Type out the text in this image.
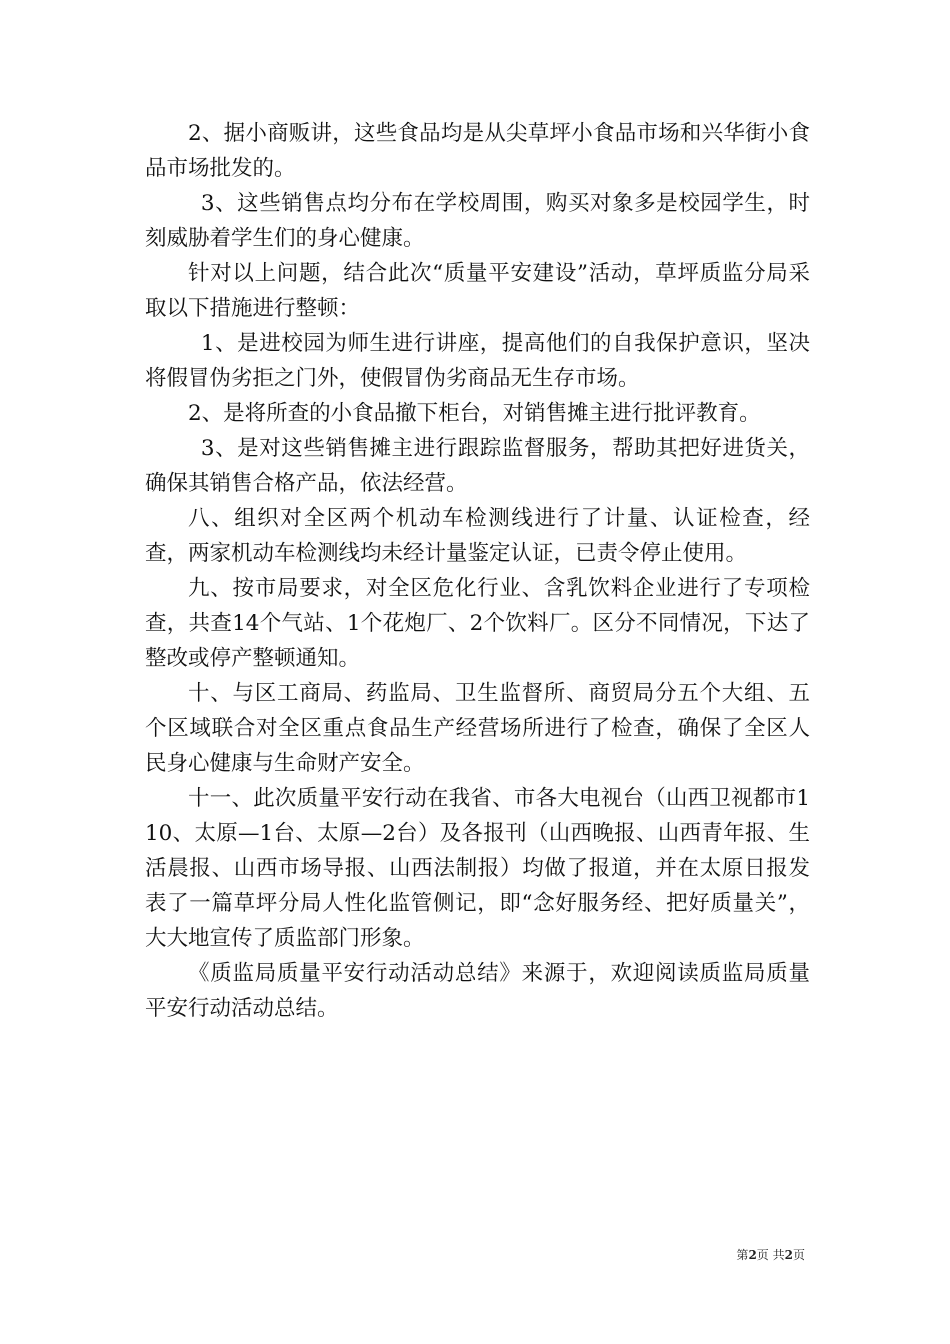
2、据小商贩讲，这些食品均是从尖草坪小食品市场和兴华街小食品市场批发的。

3、这些销售点均分布在学校周围，购买对象多是校园学生，时刻威胁着学生们的身心健康。

针对以上问题，结合此次“质量平安建设”活动，草坪质监分局采取以下措施进行整顿：

1、是进校园为师生进行讲座，提高他们的自我保护意识，坚决将假冒伪劣拒之门外，使假冒伪劣商品无生存市场。

2、是将所查的小食品撤下柜台，对销售摊主进行批评教育。

3、是对这些销售摊主进行跟踪监督服务，帮助其把好进货关，确保其销售合格产品，依法经营。

八、组织对全区两个机动车检测线进行了计量、认证检查，经查，两家机动车检测线均未经计量鉴定认证，已责令停止使用。

九、按市局要求，对全区危化行业、含乳饮料企业进行了专项检查，共查14个气站、1个花炮厂、2个饮料厂。区分不同情况，下达了整改或停产整顿通知。

十、与区工商局、药监局、卫生监督所、商贸局分五个大组、五个区域联合对全区重点食品生产经营场所进行了检查，确保了全区人民身心健康与生命财产安全。

十一、此次质量平安行动在我省、市各大电视台（山西卫视都市110、太原—1台、太原—2台）及各报刊（山西晚报、山西青年报、生活晨报、山西市场导报、山西法制报）均做了报道，并在太原日报发表了一篇草坪分局人性化监管侧记，即“念好服务经、把好质量关”，大大地宣传了质监部门形象。

《质监局质量平安行动活动总结》来源于，欢迎阅读质监局质量平安行动活动总结。

第2页 共2页
